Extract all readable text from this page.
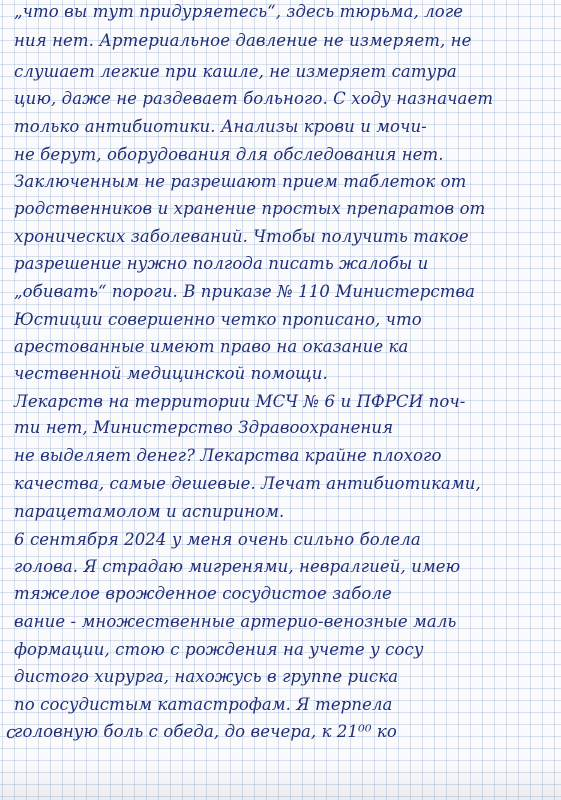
„что вы тут придуряетесь“, здесь тюрьма, логе
ния нет. Артериальное давление не измеряет, не
слушает легкие при кашле, не измеряет сатура
цию, даже не раздевает больного. С ходу назначает
только антибиотики. Анализы крови и мочи-
не берут, оборудования для обследования нет.
Заключенным не разрешают прием таблеток от
родственников и хранение простых препаратов от
хронических заболеваний. Чтобы получить такое
разрешение нужно полгода писать жалобы и
„обивать“ пороги. В приказе № 110 Министерства
Юстиции совершенно четко прописано, что
арестованные имеют право на оказание ка
чественной медицинской помощи.
Лекарств на территории МСЧ № 6 и ПФРСИ поч-
ти нет, Министерство Здравоохранения
не выделяет денег? Лекарства крайне плохого
качества, самые дешевые. Лечат антибиотиками,
парацетамолом и аспирином.
6 сентября 2024 у меня очень сильно болела
голова. Я страдаю мигренями, невралгией, имею
тяжелое врожденное сосудистое заболе
вание - множественные артерио-венозные маль
формации, стою с рождения на учете у сосу
дистого хирурга, нахожусь в группе риска
по сосудистым катастрофам. Я терпела
головную боль с обеда, до вечера, к 21⁰⁰ ко
с
